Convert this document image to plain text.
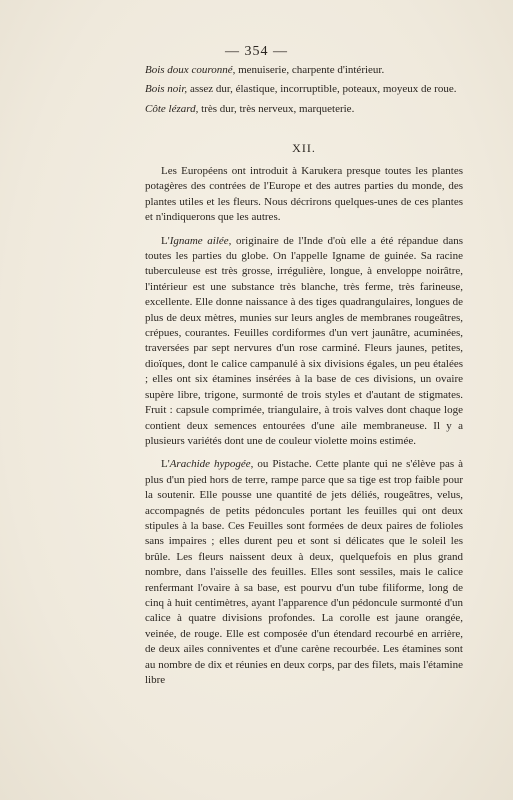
— 354 —

Bois doux couronné, menuiserie, charpente d'intérieur.

Bois noir, assez dur, élastique, incorruptible, poteaux, moyeux de roue.

Côte lézard, très dur, très nerveux, marqueterie.

XII.

Les Européens ont introduit à Karukera presque toutes les plantes potagères des contrées de l'Europe et des autres parties du monde, des plantes utiles et les fleurs. Nous décrirons quelques-unes de ces plantes et n'indiquerons que les autres.

L'Igname ailée, originaire de l'Inde d'où elle a été répandue dans toutes les parties du globe. On l'appelle Igname de guinée. Sa racine tuberculeuse est très grosse, irrégulière, longue, à enveloppe noirâtre, l'intérieur est une substance très blanche, très ferme, très farineuse, excellente. Elle donne naissance à des tiges quadrangulaires, longues de plus de deux mètres, munies sur leurs angles de membranes rougeâtres, crépues, courantes. Feuilles cordiformes d'un vert jaunâtre, acuminées, traversées par sept nervures d'un rose carminé. Fleurs jaunes, petites, dioïques, dont le calice campanulé à six divisions égales, un peu étalées ; elles ont six étamines insérées à la base de ces divisions, un ovaire supère libre, trigone, surmonté de trois styles et d'autant de stigmates. Fruit : capsule comprimée, triangulaire, à trois valves dont chaque loge contient deux semences entourées d'une aile membraneuse. Il y a plusieurs variétés dont une de couleur violette moins estimée.

L'Arachide hypogée, ou Pistache. Cette plante qui ne s'élève pas à plus d'un pied hors de terre, rampe parce que sa tige est trop faible pour la soutenir. Elle pousse une quantité de jets déliés, rougeâtres, velus, accompagnés de petits pédoncules portant les feuilles qui ont deux stipules à la base. Ces Feuilles sont formées de deux paires de folioles sans impaires ; elles durent peu et sont si délicates que le soleil les brûle. Les fleurs naissent deux à deux, quelquefois en plus grand nombre, dans l'aisselle des feuilles. Elles sont sessiles, mais le calice renfermant l'ovaire à sa base, est pourvu d'un tube filiforme, long de cinq à huit centimètres, ayant l'apparence d'un pédoncule surmonté d'un calice à quatre divisions profondes. La corolle est jaune orangée, veinée, de rouge. Elle est composée d'un étendard recourbé en arrière, de deux ailes conniventes et d'une carène recourbée. Les étamines sont au nombre de dix et réunies en deux corps, par des filets, mais l'étamine libre
